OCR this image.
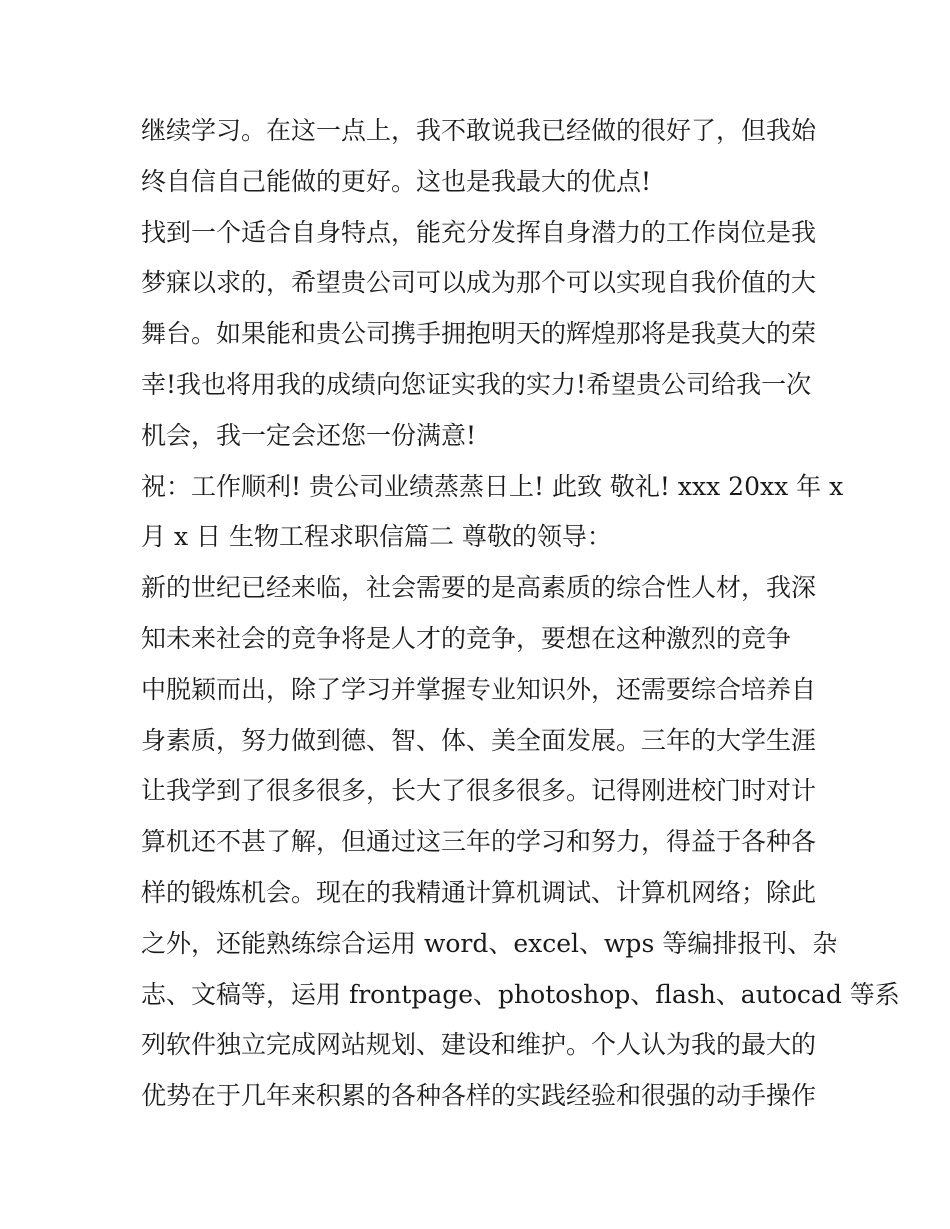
继续学习。在这一点上，我不敢说我已经做的很好了，但我始
终自信自己能做的更好。这也是我最大的优点!
找到一个适合自身特点，能充分发挥自身潜力的工作岗位是我
梦寐以求的，希望贵公司可以成为那个可以实现自我价值的大
舞台。如果能和贵公司携手拥抱明天的辉煌那将是我莫大的荣
幸!我也将用我的成绩向您证实我的实力!希望贵公司给我一次
机会，我一定会还您一份满意!
祝：工作顺利! 贵公司业绩蒸蒸日上! 此致 敬礼! xxx 20xx 年 x
月 x 日 生物工程求职信篇二 尊敬的领导：
新的世纪已经来临，社会需要的是高素质的综合性人材，我深
知未来社会的竞争将是人才的竞争，要想在这种激烈的竞争
中脱颖而出，除了学习并掌握专业知识外，还需要综合培养自
身素质，努力做到德、智、体、美全面发展。三年的大学生涯
让我学到了很多很多，长大了很多很多。记得刚进校门时对计
算机还不甚了解，但通过这三年的学习和努力，得益于各种各
样的锻炼机会。现在的我精通计算机调试、计算机网络；除此
之外，还能熟练综合运用 word、excel、wps 等编排报刊、杂
志、文稿等，运用 frontpage、photoshop、flash、autocad 等系
列软件独立完成网站规划、建设和维护。个人认为我的最大的
优势在于几年来积累的各种各样的实践经验和很强的动手操作
